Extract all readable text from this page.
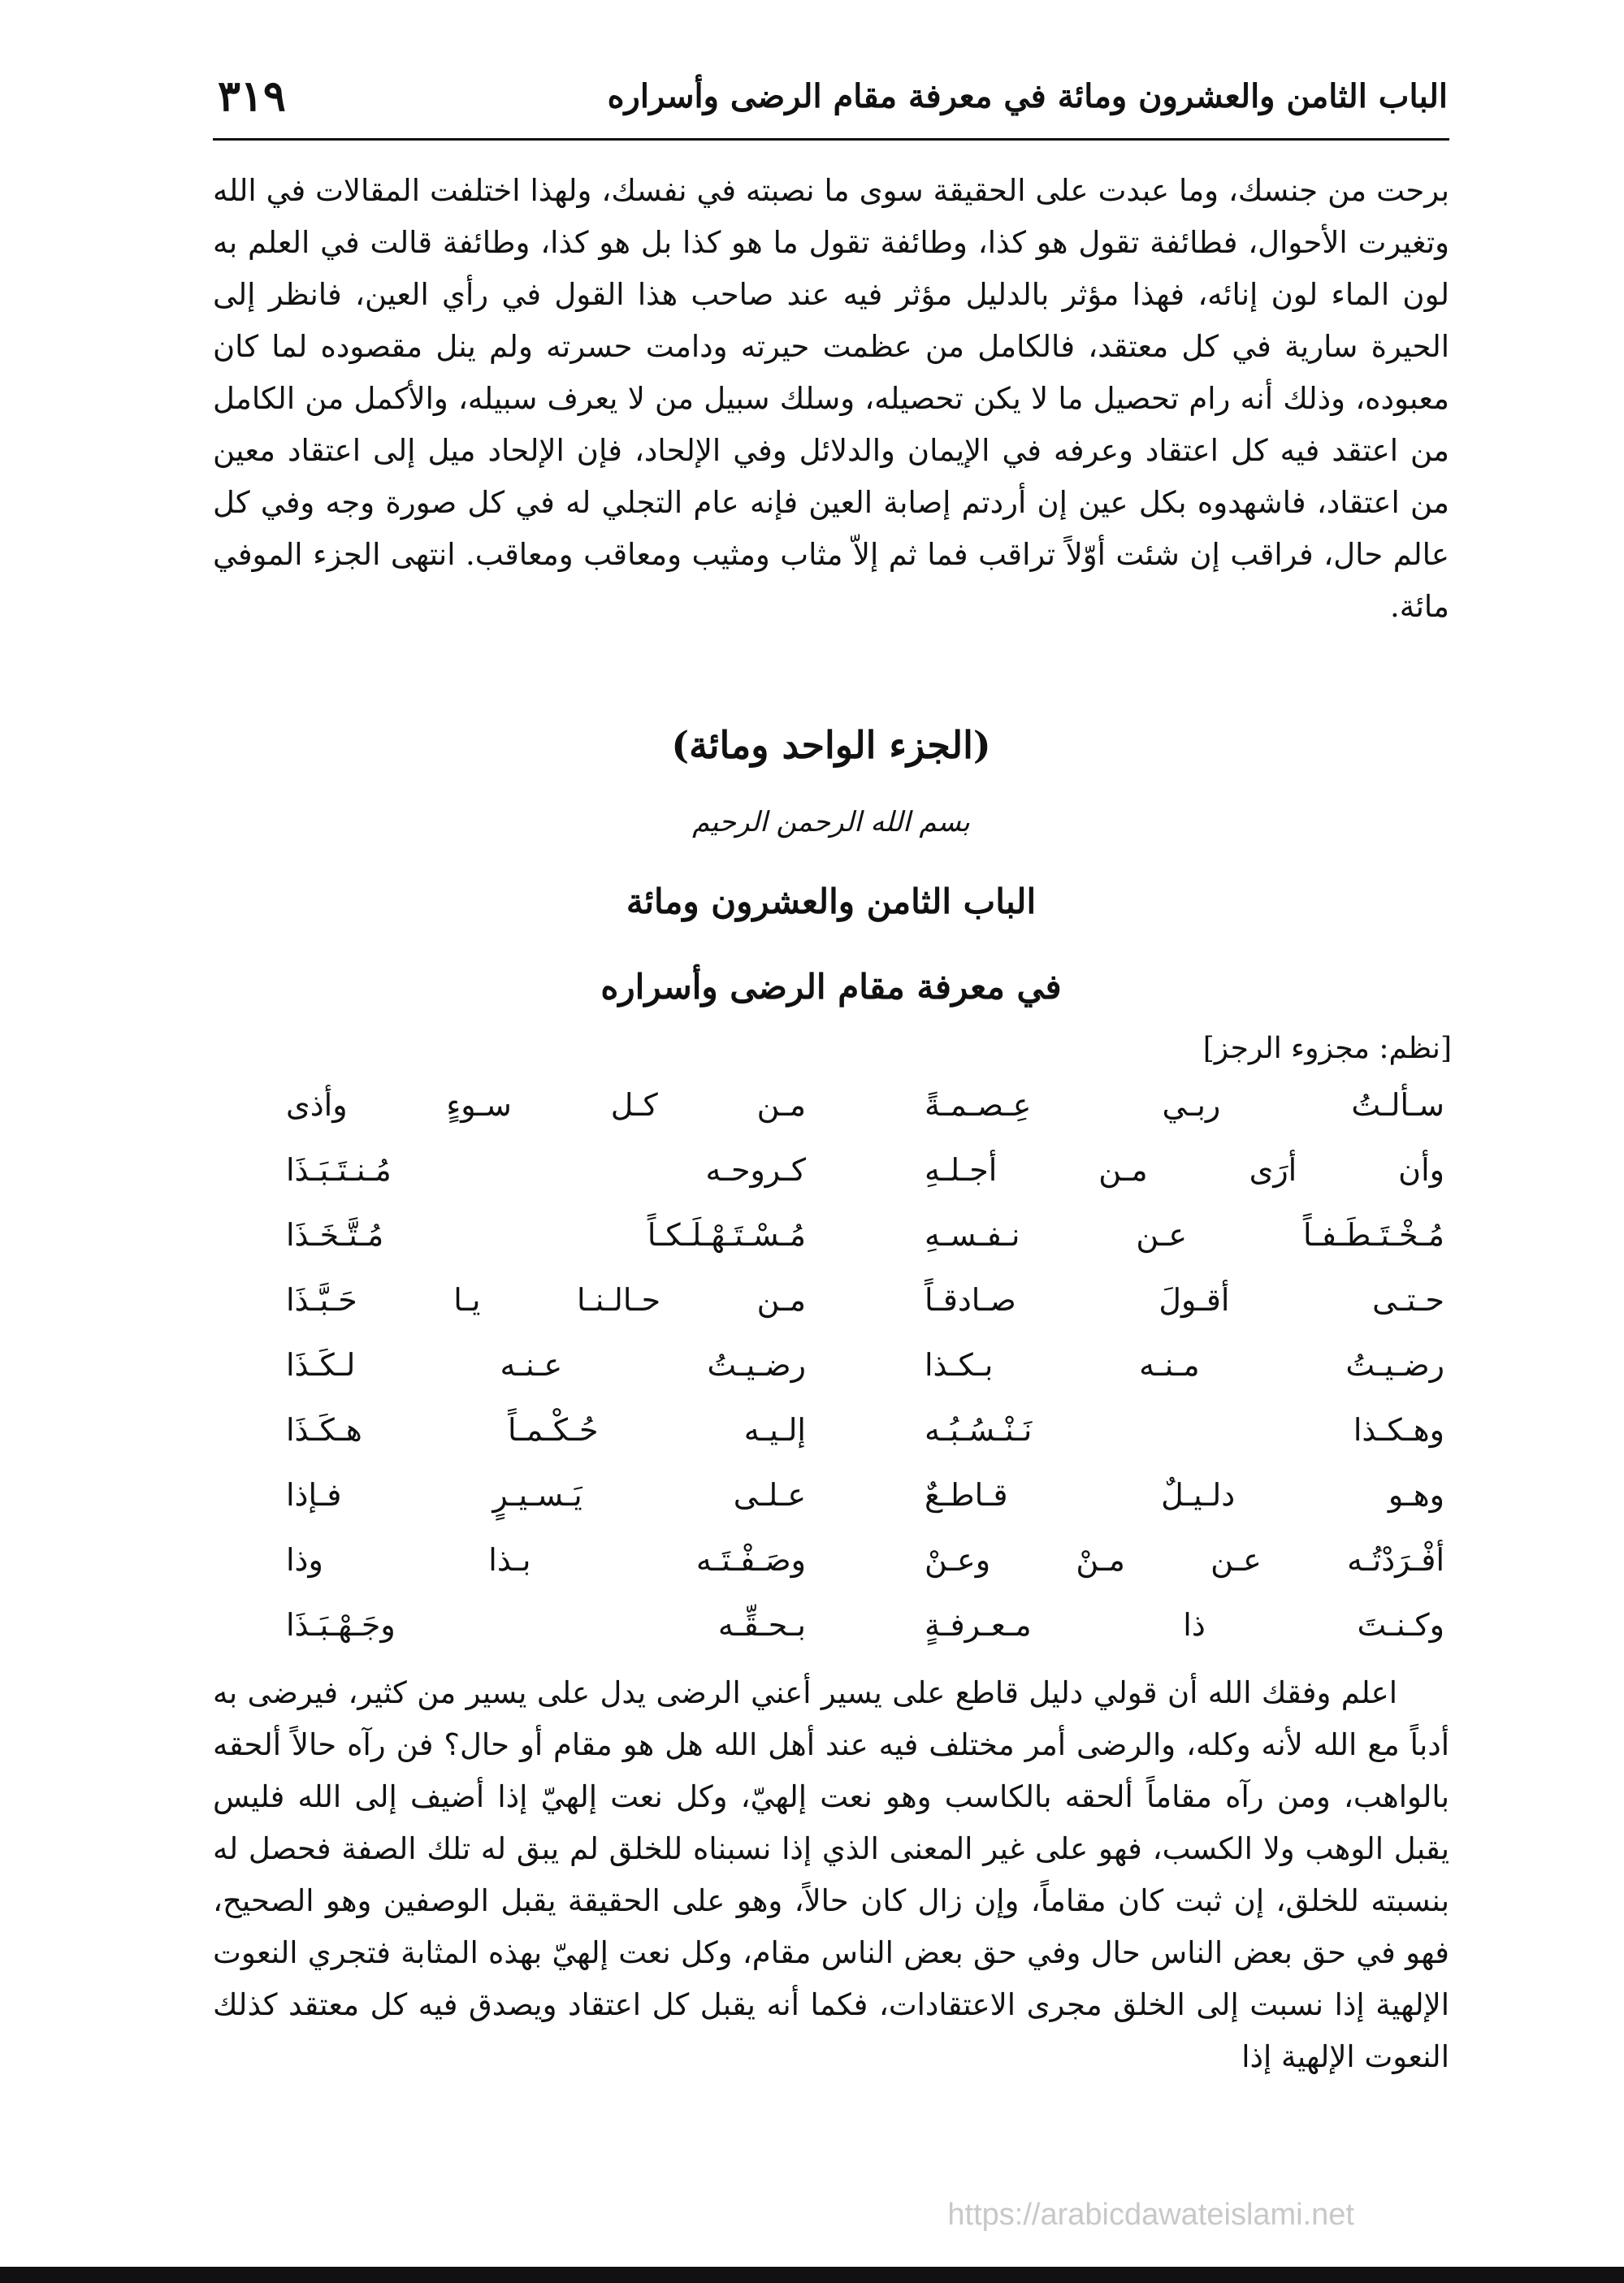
٣١٩	الباب الثامن والعشرون ومائة في معرفة مقام الرضى وأسراره

برحت من جنسك، وما عبدت على الحقيقة سوى ما نصبته في نفسك، ولهذا اختلفت المقالات في الله وتغيرت الأحوال، فطائفة تقول هو كذا، وطائفة تقول ما هو كذا بل هو كذا، وطائفة قالت في العلم به لون الماء لون إنائه، فهذا مؤثر بالدليل مؤثر فيه عند صاحب هذا القول في رأي العين، فانظر إلى الحيرة سارية في كل معتقد، فالكامل من عظمت حيرته ودامت حسرته ولم ينل مقصوده لما كان معبوده، وذلك أنه رام تحصيل ما لا يكن تحصيله، وسلك سبيل من لا يعرف سبيله، والأكمل من الكامل من اعتقد فيه كل اعتقاد وعرفه في الإيمان والدلائل وفي الإلحاد، فإن الإلحاد ميل إلى اعتقاد معين من اعتقاد، فاشهدوه بكل عين إن أردتم إصابة العين فإنه عام التجلي له في كل صورة وجه وفي كل عالم حال، فراقب إن شئت أوّلاً تراقب فما ثم إلاّ مثاب ومثيب ومعاقب ومعاقب. انتهى الجزء الموفي مائة.

(الجزء الواحد ومائة)
بسم الله الرحمن الرحيم
الباب الثامن والعشرون ومائة
في معرفة مقام الرضى وأسراره
[نظم: مجزوء الرجز]
سـألـتُ ربـي عِـصـمـةً
مـن كـل سـوءٍ وأذى
وأن أرَى مـن أجـلـهِ
كـروحـه مُـنـتَـبَـذَا
مُـخْـتَـطَـفـاً عـن نـفـسـهِ
مُـسْـتَـهْـلَـكـاً مُـتَّـخَـذَا
حـتـى أقـولَ صـادقـاً
مـن حـالـنـا يـا حَـبَّـذَا
رضـيـتُ مـنـه بـكـذا
رضـيـتُ عـنـه لـكَـذَا
وهـكـذا نَـنْـسُـبُـه
إلـيـه حُـكْـمـاً هـكَـذَا
وهـو دلـيـلٌ قـاطـعٌ
عـلـى يَـسـيـرٍ فـإذا
أفْـرَدْتُـه عـن مـنْ وعـنْ
وصَـفْـتَـه بـذا وذا
وكـنـتَ ذا مـعـرفـةٍ
بـحـقِّـه وجَـهْـبَـذَا

اعلم وفقك الله أن قولي دليل قاطع على يسير أعني الرضى يدل على يسير من كثير، فيرضى به أدباً مع الله لأنه وكله، والرضى أمر مختلف فيه عند أهل الله هل هو مقام أو حال؟ فن رآه حالاً ألحقه بالواهب، ومن رآه مقاماً ألحقه بالكاسب وهو نعت إلهيّ، وكل نعت إلهيّ إذا أضيف إلى الله فليس يقبل الوهب ولا الكسب، فهو على غير المعنى الذي إذا نسبناه للخلق لم يبق له تلك الصفة فحصل له بنسبته للخلق، إن ثبت كان مقاماً، وإن زال كان حالاً، وهو على الحقيقة يقبل الوصفين وهو الصحيح، فهو في حق بعض الناس حال وفي حق بعض الناس مقام، وكل نعت إلهيّ بهذه المثابة فتجري النعوت الإلهية إذا نسبت إلى الخلق مجرى الاعتقادات، فكما أنه يقبل كل اعتقاد ويصدق فيه كل معتقد كذلك النعوت الإلهية إذا

https://arabicdawateislami.net
